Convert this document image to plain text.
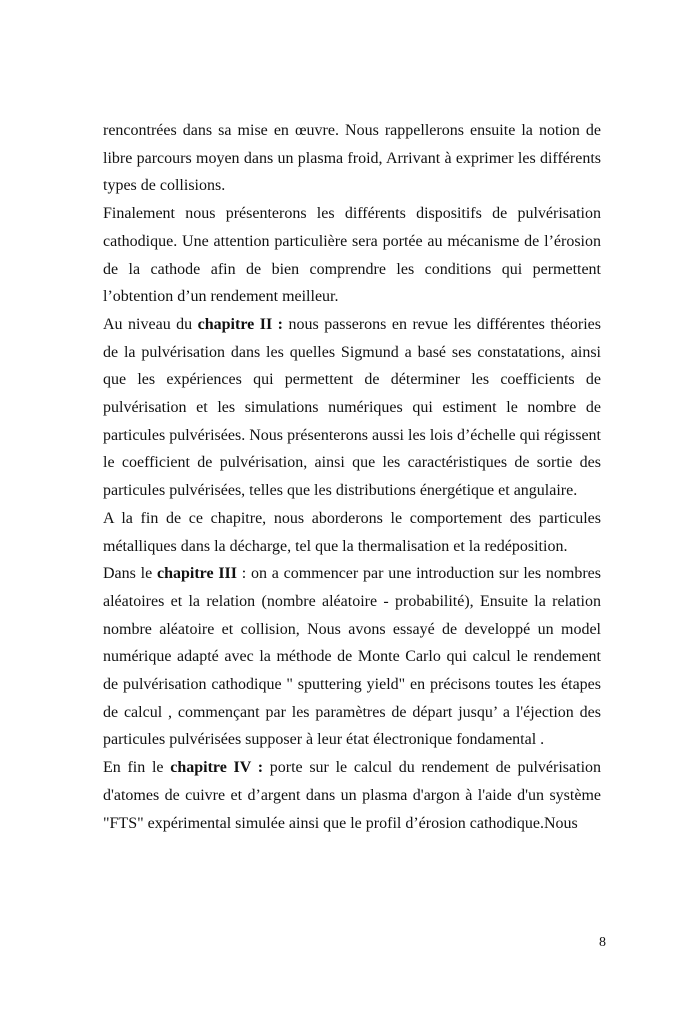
rencontrées dans sa mise en œuvre. Nous rappellerons ensuite la notion de libre parcours moyen dans un plasma froid, Arrivant à exprimer les différents types de collisions.

Finalement nous présenterons les différents dispositifs de pulvérisation cathodique. Une attention particulière sera portée au mécanisme de l’érosion de la cathode afin de bien comprendre les conditions qui permettent l’obtention d’un rendement meilleur.

Au niveau du chapitre II : nous passerons en revue les différentes théories de la pulvérisation dans les quelles Sigmund a basé ses constatations, ainsi que les expériences qui permettent de déterminer les coefficients de pulvérisation et les simulations numériques qui estiment le nombre de particules pulvérisées. Nous présenterons aussi les lois d’échelle qui régissent le coefficient de pulvérisation, ainsi que les caractéristiques de sortie des particules pulvérisées, telles que les distributions énergétique et angulaire.

A la fin de ce chapitre, nous aborderons le comportement des particules métalliques dans la décharge, tel que la thermalisation et la redéposition.

Dans le chapitre III : on a commencer par une introduction sur les nombres aléatoires et la relation (nombre aléatoire - probabilité), Ensuite la relation nombre aléatoire et collision, Nous avons essayé de developpé un model numérique adapté avec la méthode de Monte Carlo qui calcul le rendement de pulvérisation cathodique " sputtering yield" en précisons toutes les étapes de calcul , commençant par les paramètres de départ jusqu’ a l'éjection des particules pulvérisées supposer à leur état électronique fondamental .

En fin le chapitre IV : porte sur le calcul du rendement de pulvérisation d'atomes de cuivre et d’argent dans un plasma d'argon à l'aide d'un système "FTS" expérimental simulée ainsi que le profil d’érosion cathodique.Nous

8
